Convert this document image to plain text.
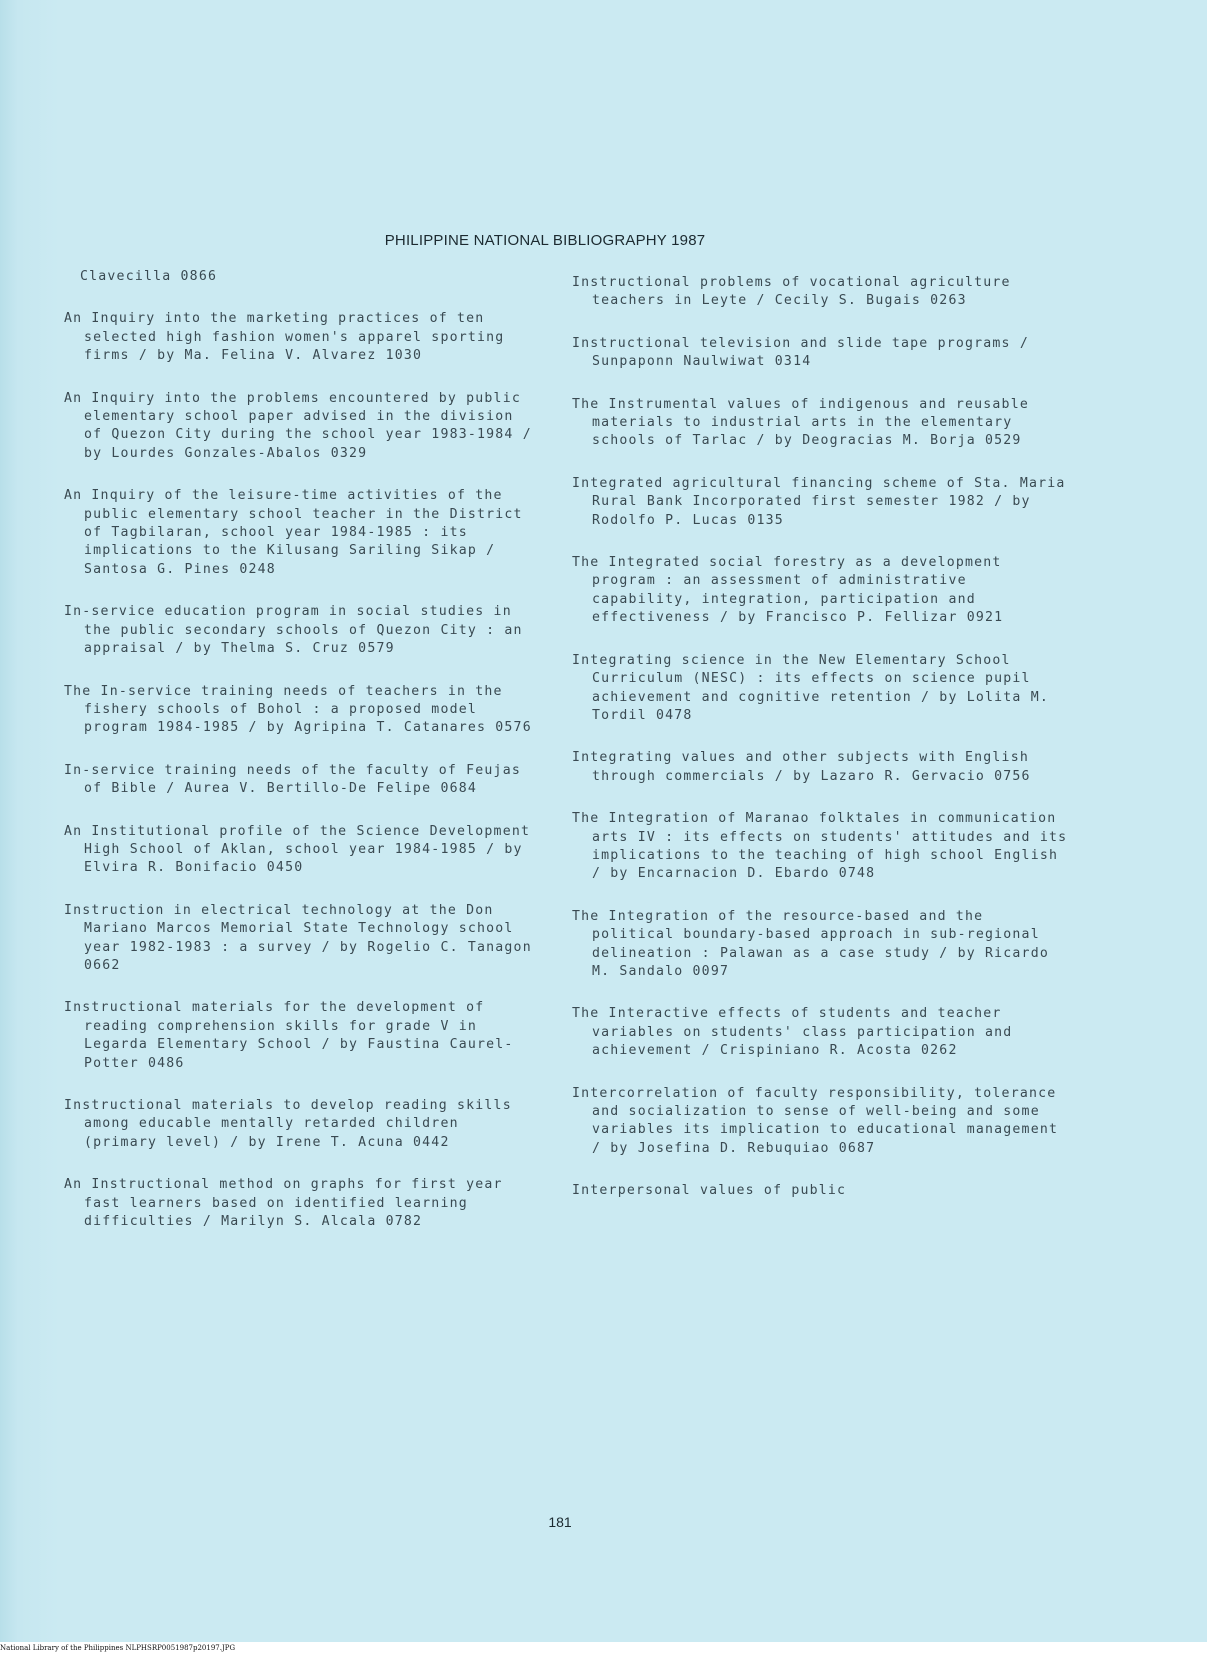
PHILIPPINE NATIONAL BIBLIOGRAPHY 1987
Clavecilla 0866
An Inquiry into the marketing practices of ten selected high fashion women's apparel sporting firms / by Ma. Felina V. Alvarez 1030
An Inquiry into the problems encountered by public elementary school paper advised in the division of Quezon City during the school year 1983-1984 / by Lourdes Gonzales-Abalos 0329
An Inquiry of the leisure-time activities of the public elementary school teacher in the District of Tagbilaran, school year 1984-1985 : its implications to the Kilusang Sariling Sikap / Santosa G. Pines 0248
In-service education program in social studies in the public secondary schools of Quezon City : an appraisal / by Thelma S. Cruz 0579
The In-service training needs of teachers in the fishery schools of Bohol : a proposed model program 1984-1985 / by Agripina T. Catanares 0576
In-service training needs of the faculty of Feujas of Bible / Aurea V. Bertillo-De Felipe 0684
An Institutional profile of the Science Development High School of Aklan, school year 1984-1985 / by Elvira R. Bonifacio 0450
Instruction in electrical technology at the Don Mariano Marcos Memorial State Technology school year 1982-1983 : a survey / by Rogelio C. Tanagon 0662
Instructional materials for the development of reading comprehension skills for grade V in Legarda Elementary School / by Faustina Caurel-Potter 0486
Instructional materials to develop reading skills among educable mentally retarded children (primary level) / by Irene T. Acuna 0442
An Instructional method on graphs for first year fast learners based on identified learning difficulties / Marilyn S. Alcala 0782
Instructional problems of vocational agriculture teachers in Leyte / Cecily S. Bugais 0263
Instructional television and slide tape programs / Sunpaponn Naulwiwat 0314
The Instrumental values of indigenous and reusable materials to industrial arts in the elementary schools of Tarlac / by Deogracias M. Borja 0529
Integrated agricultural financing scheme of Sta. Maria Rural Bank Incorporated first semester 1982 / by Rodolfo P. Lucas 0135
The Integrated social forestry as a development program : an assessment of administrative capability, integration, participation and effectiveness / by Francisco P. Fellizar 0921
Integrating science in the New Elementary School Curriculum (NESC) : its effects on science pupil achievement and cognitive retention / by Lolita M. Tordil 0478
Integrating values and other subjects with English through commercials / by Lazaro R. Gervacio 0756
The Integration of Maranao folktales in communication arts IV : its effects on students' attitudes and its implications to the teaching of high school English / by Encarnacion D. Ebardo 0748
The Integration of the resource-based and the political boundary-based approach in sub-regional delineation : Palawan as a case study / by Ricardo M. Sandalo 0097
The Interactive effects of students and teacher variables on students' class participation and achievement / Crispiniano R. Acosta 0262
Intercorrelation of faculty responsibility, tolerance and socialization to sense of well-being and some variables its implication to educational management / by Josefina D. Rebuquiao 0687
Interpersonal values of public
181
National Library of the Philippines NLPHSRP0051987p20197.JPG
